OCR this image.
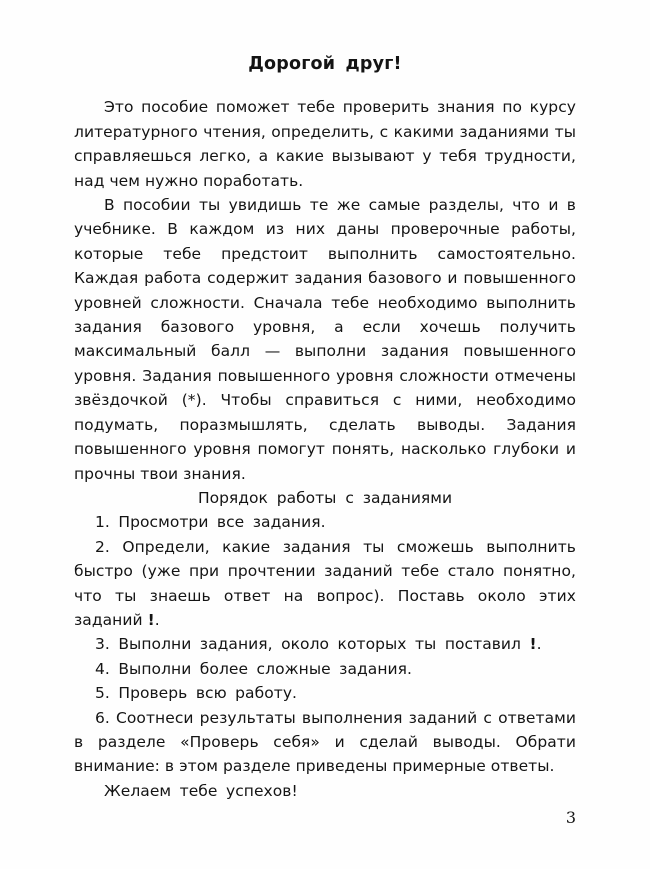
Дорогой друг!

Это пособие поможет тебе проверить знания по курсу литературного чтения, определить, с какими заданиями ты справляешься легко, а какие вызывают у тебя трудности, над чем нужно поработать.

В пособии ты увидишь те же самые разделы, что и в учебнике. В каждом из них даны проверочные работы, которые тебе предстоит выполнить самостоятельно. Каждая работа содержит задания базового и повышенного уровней сложности. Сначала тебе необходимо выполнить задания базового уровня, а если хочешь получить максимальный балл — выполни задания повышенного уровня. Задания повышенного уровня сложности отмечены звёздочкой (*). Чтобы справиться с ними, необходимо подумать, поразмышлять, сделать выводы. Задания повышенного уровня помогут понять, насколько глубоки и прочны твои знания.

Порядок работы с заданиями

1. Просмотри все задания.
2. Определи, какие задания ты сможешь выполнить быстро (уже при прочтении заданий тебе стало понятно, что ты знаешь ответ на вопрос). Поставь около этих заданий !.
3. Выполни задания, около которых ты поставил !.
4. Выполни более сложные задания.
5. Проверь всю работу.
6. Соотнеси результаты выполнения заданий с ответами в разделе «Проверь себя» и сделай выводы. Обрати внимание: в этом разделе приведены примерные ответы.

Желаем тебе успехов!

3
